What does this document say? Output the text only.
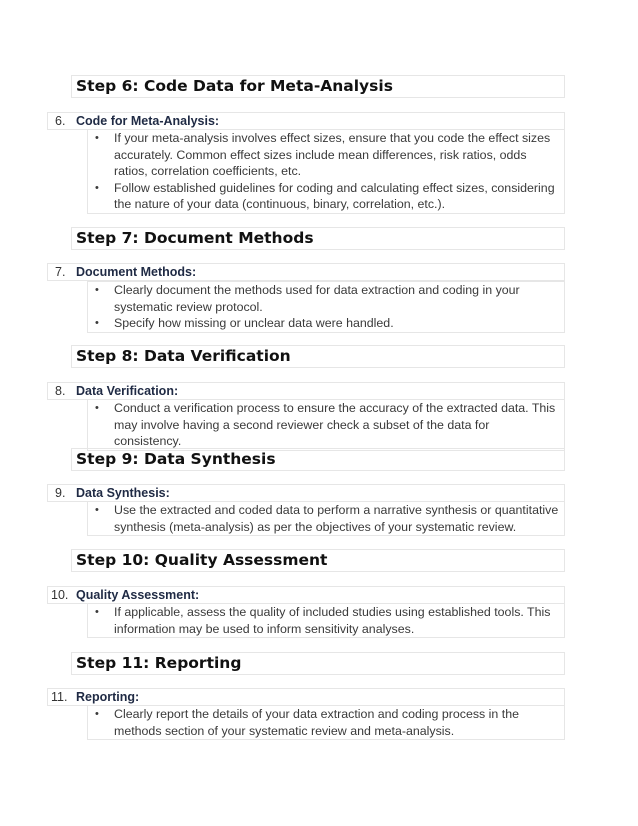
Step 6: Code Data for Meta-Analysis
6. Code for Meta-Analysis:
• If your meta-analysis involves effect sizes, ensure that you code the effect sizes accurately. Common effect sizes include mean differences, risk ratios, odds ratios, correlation coefficients, etc.
• Follow established guidelines for coding and calculating effect sizes, considering the nature of your data (continuous, binary, correlation, etc.).
Step 7: Document Methods
7. Document Methods:
• Clearly document the methods used for data extraction and coding in your systematic review protocol.
• Specify how missing or unclear data were handled.
Step 8: Data Verification
8. Data Verification:
• Conduct a verification process to ensure the accuracy of the extracted data. This may involve having a second reviewer check a subset of the data for consistency.
Step 9: Data Synthesis
9. Data Synthesis:
• Use the extracted and coded data to perform a narrative synthesis or quantitative synthesis (meta-analysis) as per the objectives of your systematic review.
Step 10: Quality Assessment
10. Quality Assessment:
• If applicable, assess the quality of included studies using established tools. This information may be used to inform sensitivity analyses.
Step 11: Reporting
11. Reporting:
• Clearly report the details of your data extraction and coding process in the methods section of your systematic review and meta-analysis.
